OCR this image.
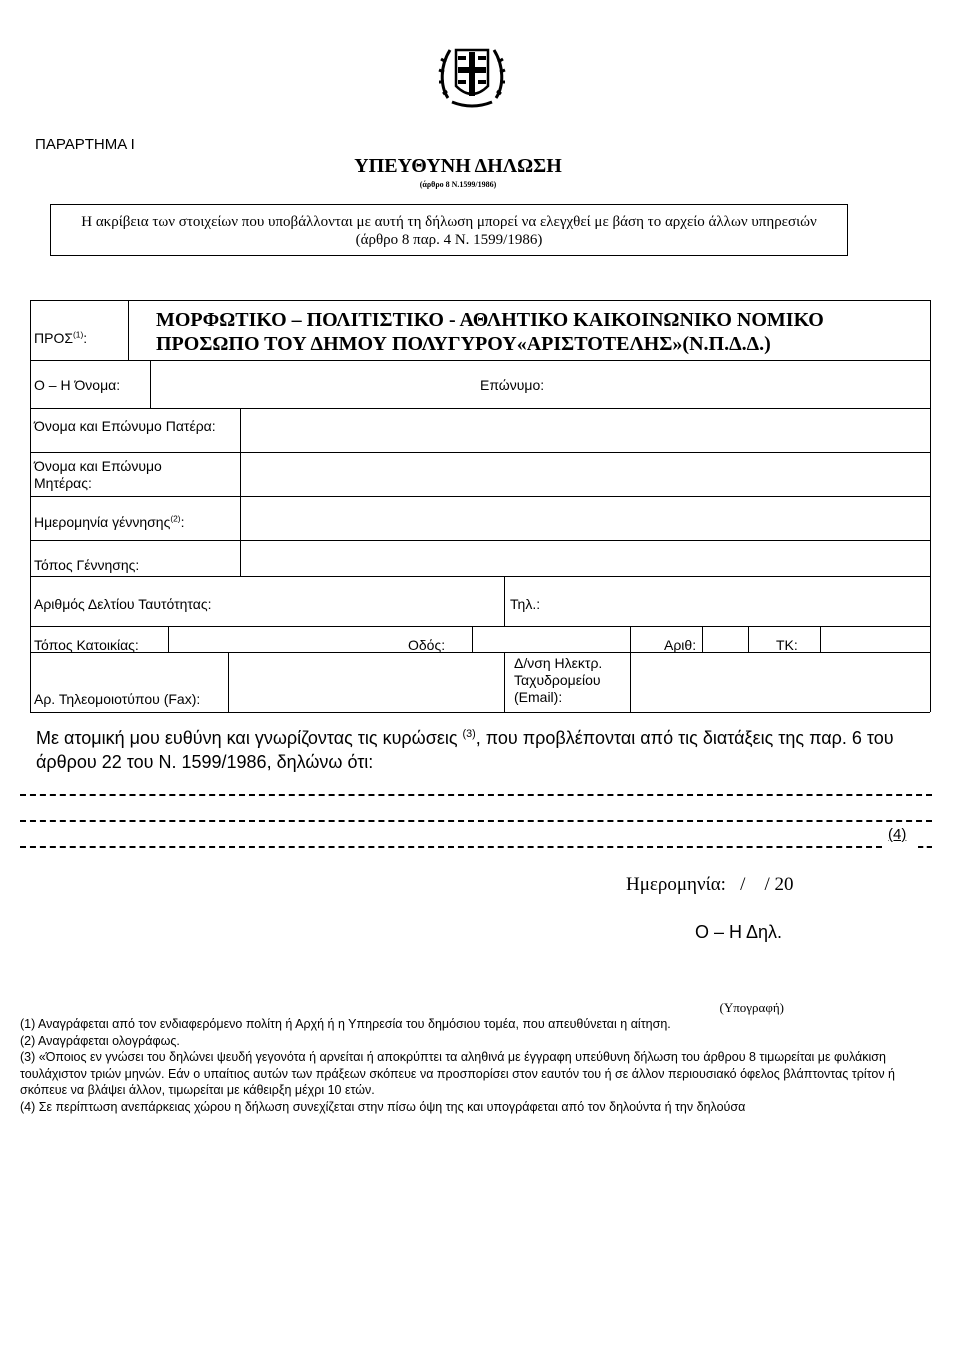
ΠΑΡΑΡΤΗΜΑ Ι
ΥΠΕΥΘΥΝΗ ΔΗΛΩΣΗ
(άρθρο 8 Ν.1599/1986)
Η ακρίβεια των στοιχείων που υποβάλλονται με αυτή τη δήλωση μπορεί να ελεγχθεί με βάση το αρχείο άλλων υπηρεσιών
(άρθρο 8 παρ. 4 Ν. 1599/1986)
ΠΡΟΣ$^{(1)}$:
ΜΟΡΦΩΤΙΚΟ – ΠΟΛΙΤΙΣΤΙΚΟ - ΑΘΛΗΤΙΚΟ ΚΑΙΚΟΙΝΩΝΙΚΟ ΝΟΜΙΚΟ
ΠΡΟΣΩΠΟ ΤΟΥ ΔΗΜΟΥ ΠΟΛΥΓΥΡΟΥ«ΑΡΙΣΤΟΤΕΛΗΣ»(Ν.Π.Δ.Δ.)
Ο – Η Όνομα:	Επώνυμο:
Όνομα και Επώνυμο Πατέρα:
Όνομα και Επώνυμο
Μητέρας:
Ημερομηνία γέννησης$^{(2)}$:
Τόπος Γέννησης:
Αριθμός Δελτίου Ταυτότητας:	Τηλ.:
Τόπος Κατοικίας:	Οδός:	Αριθ:	ΤΚ:
Αρ. Τηλεομοιοτύπου (Fax):
Δ/νση Ηλεκτρ.
Ταχυδρομείου
(Email):
Με ατομική μου ευθύνη και γνωρίζοντας τις κυρώσεις $^{(3)}$, που προβλέπονται από τις διατάξεις της παρ. 6 του άρθρου 22 του Ν. 1599/1986, δηλώνω ότι:
(4)
Ημερομηνία:   /    / 20
Ο – Η Δηλ.
(Υπογραφή)
(1) Αναγράφεται από τον ενδιαφερόμενο πολίτη ή Αρχή ή η Υπηρεσία του δημόσιου τομέα, που απευθύνεται η αίτηση.
(2) Αναγράφεται ολογράφως.
(3) «Όποιος εν γνώσει του δηλώνει ψευδή γεγονότα ή αρνείται ή αποκρύπτει τα αληθινά με έγγραφη υπεύθυνη δήλωση του άρθρου 8 τιμωρείται με φυλάκιση τουλάχιστον τριών μηνών. Εάν ο υπαίτιος αυτών των πράξεων σκόπευε να προσπορίσει στον εαυτόν του ή σε άλλον περιουσιακό όφελος βλάπτοντας τρίτον ή σκόπευε να βλάψει άλλον, τιμωρείται με κάθειρξη μέχρι 10 ετών.
(4) Σε περίπτωση ανεπάρκειας χώρου η δήλωση συνεχίζεται στην πίσω όψη της και υπογράφεται από τον δηλούντα ή την δηλούσα
